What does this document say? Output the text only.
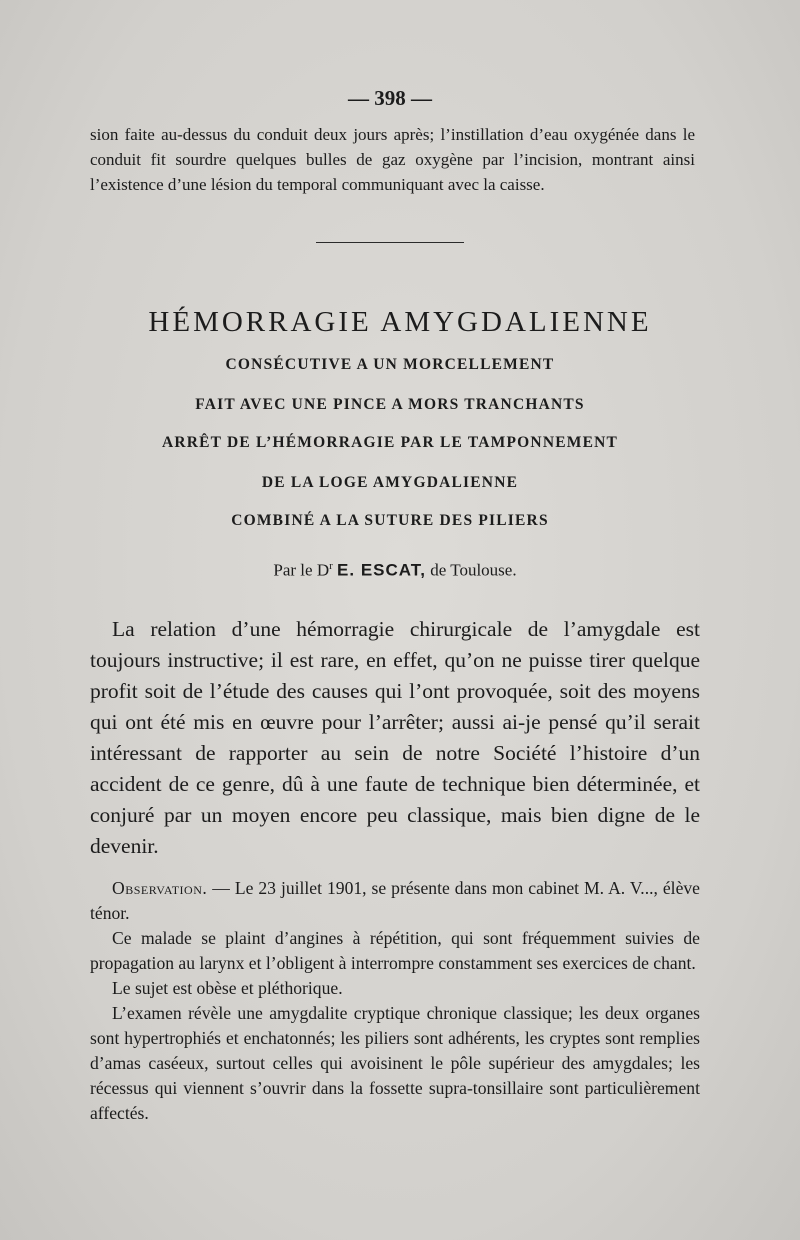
— 398 —

sion faite au-dessus du conduit deux jours après; l’instillation d’eau oxygénée dans le conduit fit sourdre quelques bulles de gaz oxygène par l’incision, montrant ainsi l’existence d’une lésion du temporal communiquant avec la caisse.

HÉMORRAGIE AMYGDALIENNE
CONSÉCUTIVE A UN MORCELLEMENT
FAIT AVEC UNE PINCE A MORS TRANCHANTS
ARRÊT DE L’HÉMORRAGIE PAR LE TAMPONNEMENT
DE LA LOGE AMYGDALIENNE
COMBINÉ A LA SUTURE DES PILIERS
Par le $D^r$ E. ESCAT, de Toulouse.

La relation d’une hémorragie chirurgicale de l’amygdale est toujours instructive; il est rare, en effet, qu’on ne puisse tirer quelque profit soit de l’étude des causes qui l’ont provoquée, soit des moyens qui ont été mis en œuvre pour l’arrêter; aussi ai-je pensé qu’il serait intéressant de rapporter au sein de notre Société l’histoire d’un accident de ce genre, dû à une faute de technique bien déterminée, et conjuré par un moyen encore peu classique, mais bien digne de le devenir.

Observation. — Le 23 juillet 1901, se présente dans mon cabinet M. A. V..., élève ténor.

Ce malade se plaint d’angines à répétition, qui sont fréquemment suivies de propagation au larynx et l’obligent à interrompre constamment ses exercices de chant.

Le sujet est obèse et pléthorique.

L’examen révèle une amygdalite cryptique chronique classique; les deux organes sont hypertrophiés et enchatonnés; les piliers sont adhérents, les cryptes sont remplies d’amas caséeux, surtout celles qui avoisinent le pôle supérieur des amygdales; les récessus qui viennent s’ouvrir dans la fossette supra-tonsillaire sont particulièrement affectés.
